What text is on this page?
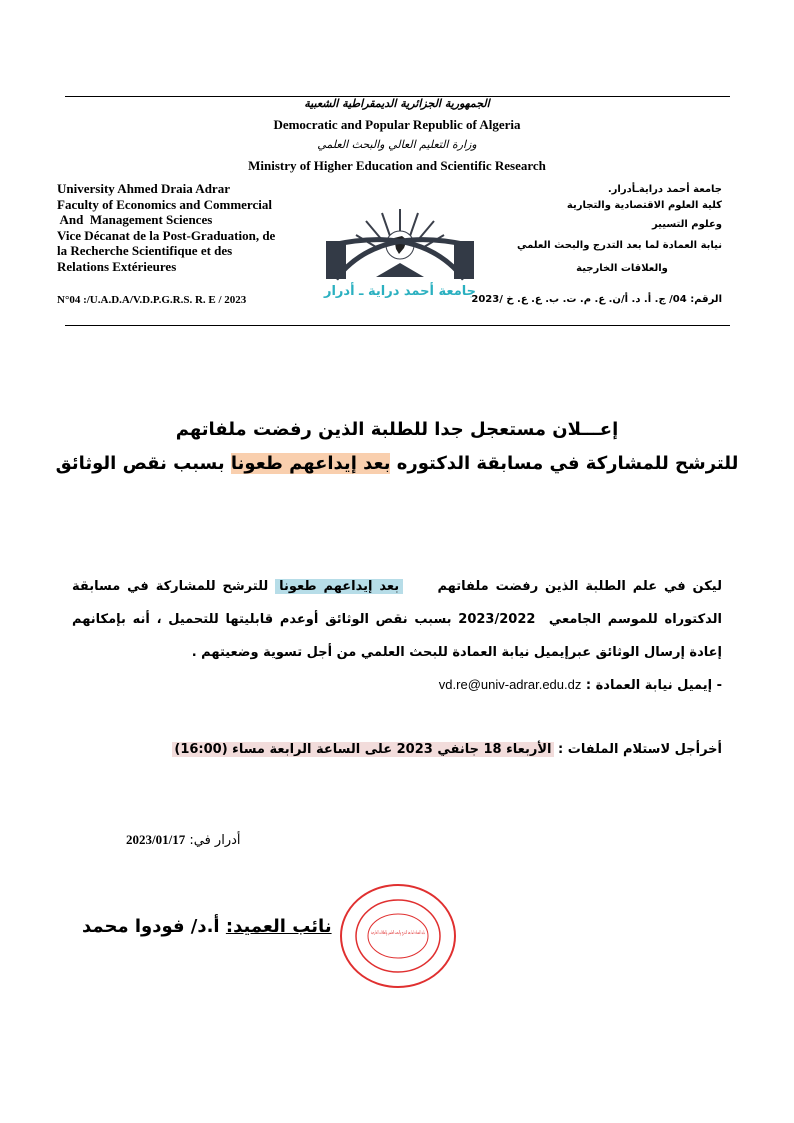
الجمهورية الجزائرية الديمقراطية الشعبية
Democratic and Popular Republic of Algeria
وزارة التعليم العالي والبحث العلمي
Ministry of Higher Education and Scientific Research
University Ahmed Draia Adrar
Faculty of Economics and Commercial
And  Management Sciences
Vice Décanat de la Post-Graduation, de
la Recherche Scientifique et des
Relations Extérieures
N°04 :/U.A.D.A/V.D.P.G.R.S. R. E / 2023
جامعة أحمد درايةـأدرار.
كلية العلوم الاقتصادية والتجارية
وعلوم التسيير
نيابة العمادة لما بعد التدرج والبحث العلمي
والعلاقات الخارجية
الرقم: 04/ ج. أ. د. أ/ن. ع. م. ت. ب. ع. ع. خ /2023
جامعة أحمد دراية ـ أدرار
إعـــلان مستعجل جدا للطلبة الذين رفضت ملفاتهم
للترشح للمشاركة في مسابقة الدكتوره بعد إيداعهم طعونا بسبب نقص الوثائق
ليكن في علم الطلبة الذين رفضت ملفاتهم     بعد إيداعهم طعونا للترشح للمشاركة في مسابقة الدكتوراه للموسم الجامعي  2023/2022 بسبب نقص الوثائق أوعدم قابليتها للتحميل ، أنه بإمكانهم      إعادة إرسال الوثائق عبرإيميل نيابة العمادة للبحث العلمي من أجل تسوية وضعيتهم .
- إيميل نيابة العمادة : vd.re@univ-adrar.edu.dz
أخرأجل لاستلام الملفات : الأربعاء 18 جانفي 2023 على الساعة الرابعة مساء (16:00)
أدرار في: 2023/01/17
نائب العميد: أ.د/ فودوا محمد	نيابة العمادة لما بعد التدرج والبحث العلمي والعلاقات الخارجية
